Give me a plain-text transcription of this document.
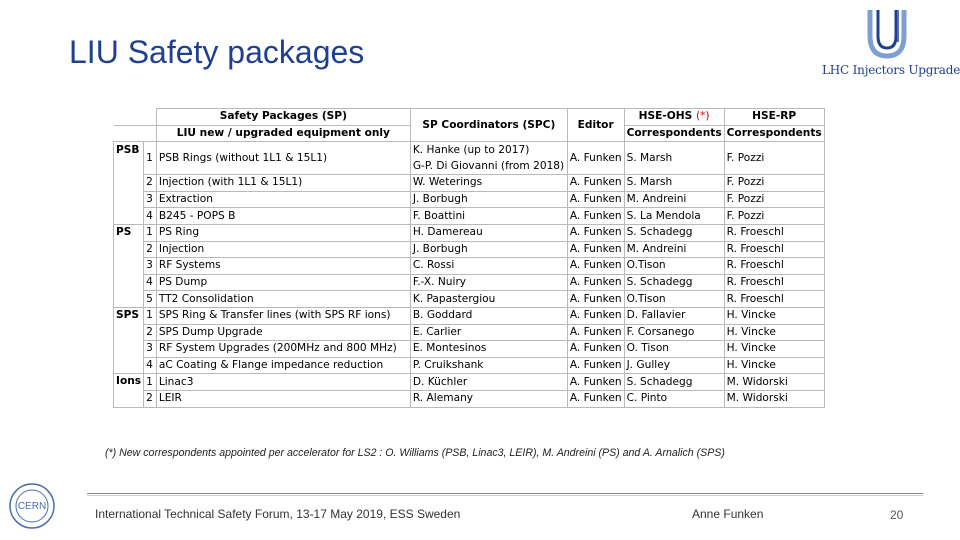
LIU Safety packages	LHC Injectors Upgrade
		Safety Packages (SP)	SP Coordinators (SPC)	Editor	HSE-OHS (*)	HSE-RP
		LIU new / upgraded equipment only			Correspondents	Correspondents
PSB	1	PSB Rings (without 1L1 & 15L1)	K. Hanke (up to 2017)
G-P. Di Giovanni (from 2018)	A. Funken	S. Marsh	F. Pozzi
	2	Injection (with 1L1 & 15L1)	W. Weterings	A. Funken	S. Marsh	F. Pozzi
	3	Extraction	J. Borbugh	A. Funken	M. Andreini	F. Pozzi
	4	B245 - POPS B	F. Boattini	A. Funken	S. La Mendola	F. Pozzi
PS	1	PS Ring	H. Damereau	A. Funken	S. Schadegg	R. Froeschl
	2	Injection	J. Borbugh	A. Funken	M. Andreini	R. Froeschl
	3	RF Systems	C. Rossi	A. Funken	O.Tison	R. Froeschl
	4	PS Dump	F.-X. Nuiry	A. Funken	S. Schadegg	R. Froeschl
	5	TT2 Consolidation	K. Papastergiou	A. Funken	O.Tison	R. Froeschl
SPS	1	SPS Ring & Transfer lines (with SPS RF ions)	B. Goddard	A. Funken	D. Fallavier	H. Vincke
	2	SPS Dump Upgrade	E. Carlier	A. Funken	F. Corsanego	H. Vincke
	3	RF System Upgrades (200MHz and 800 MHz)	E. Montesinos	A. Funken	O. Tison	H. Vincke
	4	aC Coating & Flange impedance reduction	P. Cruikshank	A. Funken	J. Gulley	H. Vincke
Ions	1	Linac3	D. Küchler	A. Funken	S. Schadegg	M. Widorski
	2	LEIR	R. Alemany	A. Funken	C. Pinto	M. Widorski
(*) New correspondents appointed per accelerator for LS2 : O. Williams (PSB, Linac3, LEIR), M. Andreini (PS) and A. Arnalich (SPS)
CERN
International Technical Safety Forum, 13-17 May 2019, ESS Sweden	Anne Funken	20
